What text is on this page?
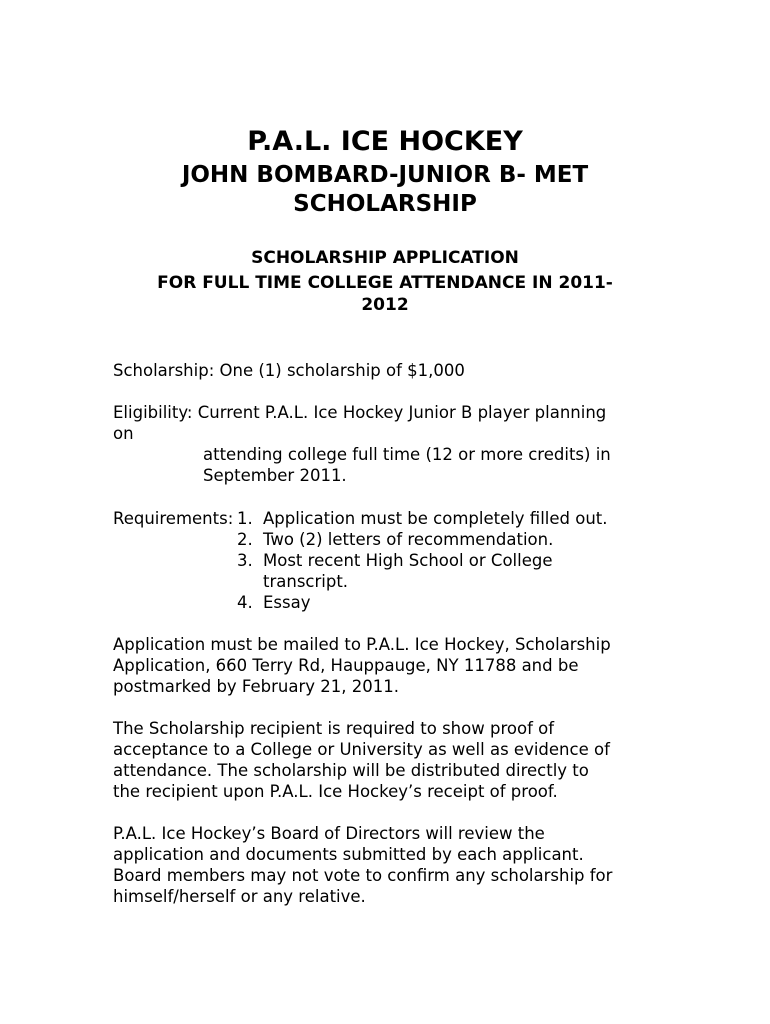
P.A.L. ICE HOCKEY
JOHN BOMBARD-JUNIOR B- MET
SCHOLARSHIP
SCHOLARSHIP APPLICATION
FOR FULL TIME COLLEGE ATTENDANCE IN 2011-
2012
Scholarship: One (1) scholarship of $1,000
Eligibility: Current P.A.L. Ice Hockey Junior B player planning
on
attending college full time (12 or more credits) in
September 2011.
Requirements: 1. Application must be completely filled out.
2. Two (2) letters of recommendation.
3. Most recent High School or College
transcript.
4. Essay
Application must be mailed to P.A.L. Ice Hockey, Scholarship
Application, 660 Terry Rd, Hauppauge, NY 11788 and be
postmarked by February 21, 2011.
The Scholarship recipient is required to show proof of
acceptance to a College or University as well as evidence of
attendance. The scholarship will be distributed directly to
the recipient upon P.A.L. Ice Hockey’s receipt of proof.
P.A.L. Ice Hockey’s Board of Directors will review the
application and documents submitted by each applicant.
Board members may not vote to confirm any scholarship for
himself/herself or any relative.
